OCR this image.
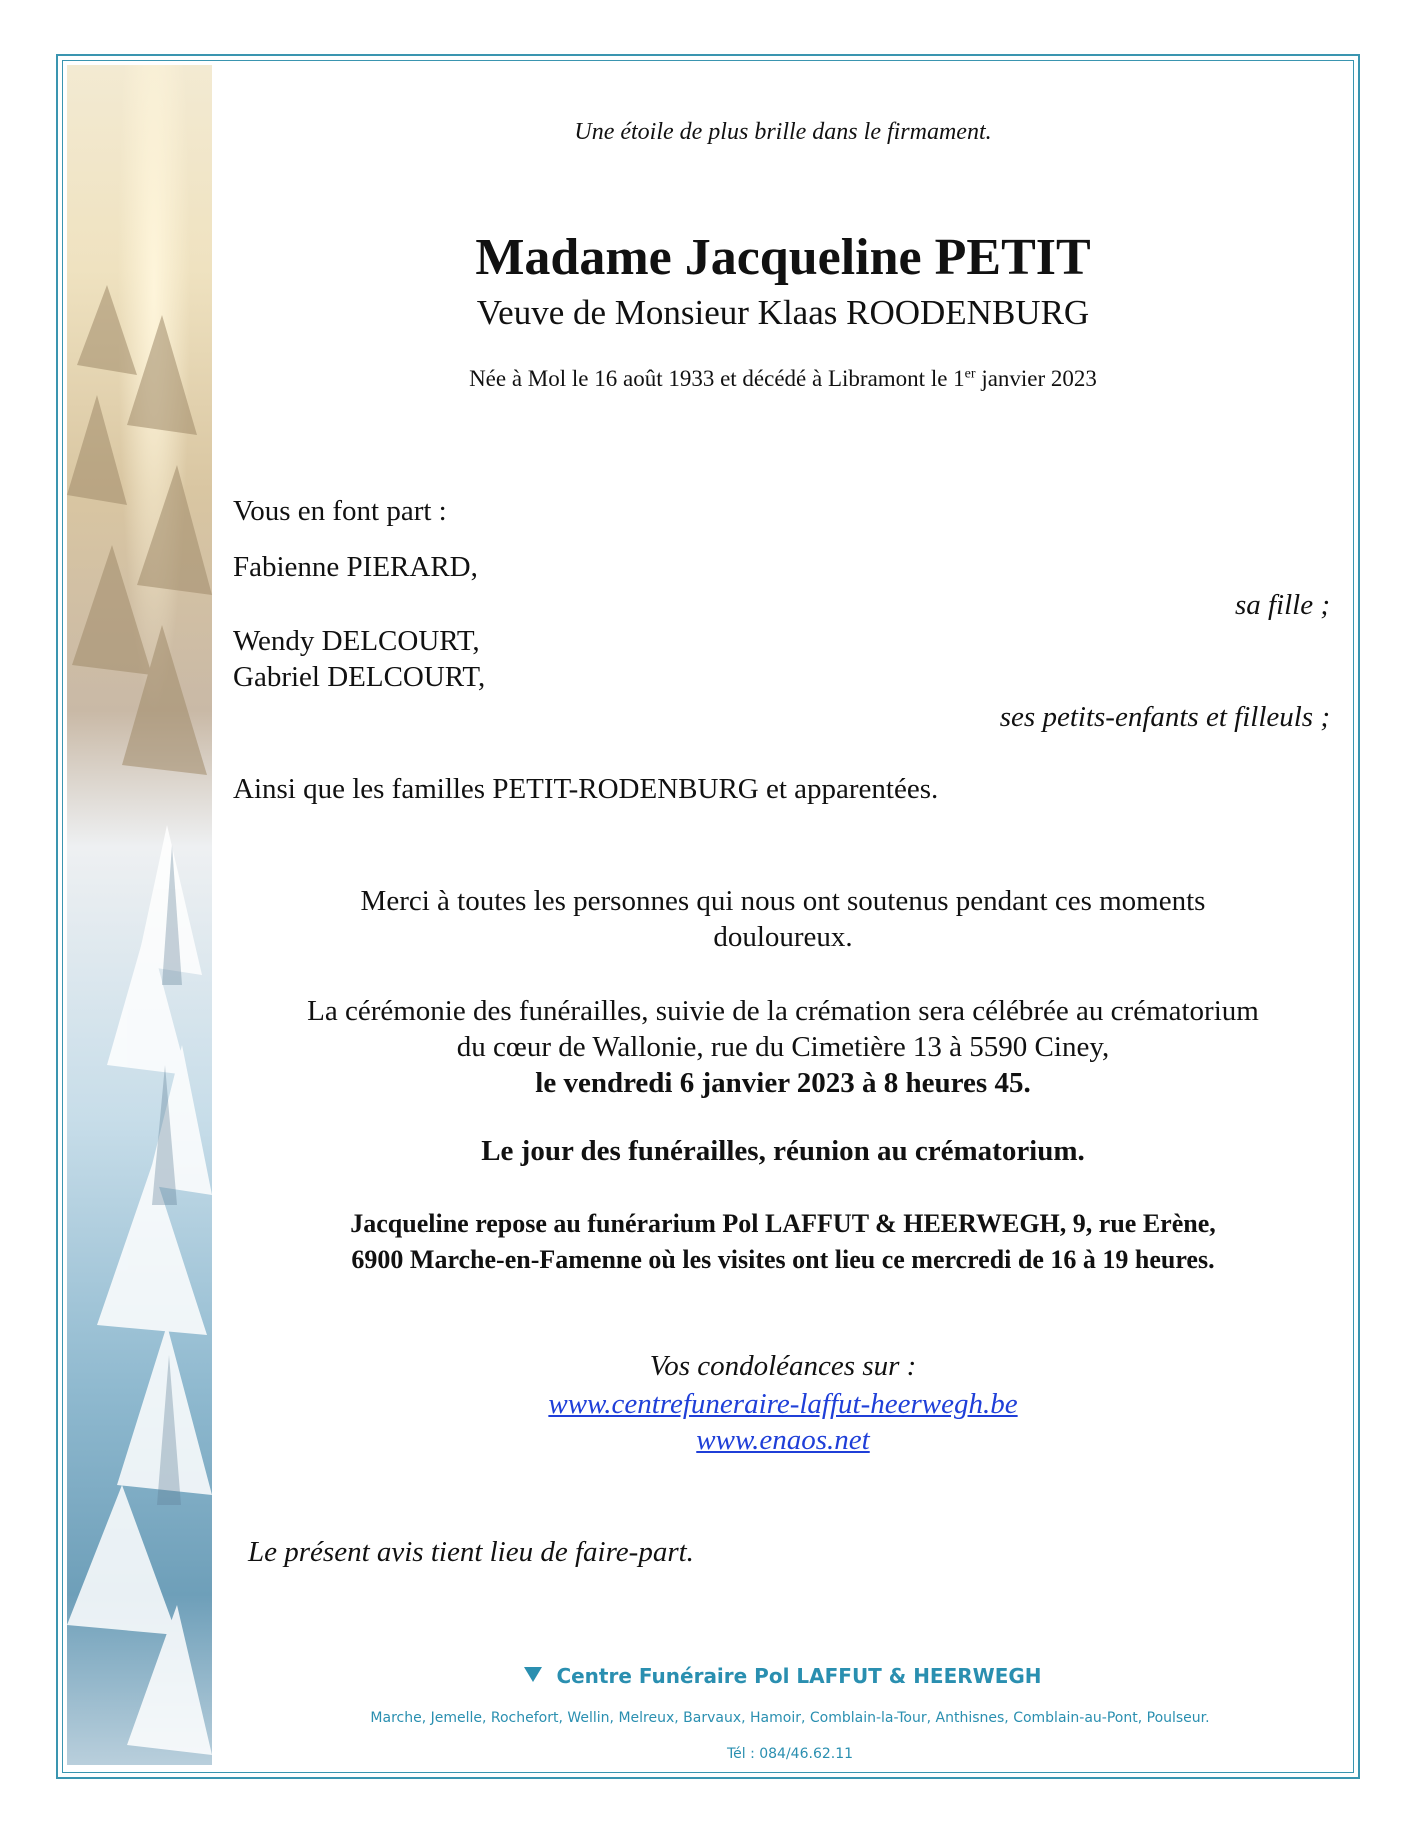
Une étoile de plus brille dans le firmament.

Madame Jacqueline PETIT

Veuve de Monsieur Klaas ROODENBURG

Née à Mol le 16 août 1933 et décédé à Libramont le 1er janvier 2023

Vous en font part :

Fabienne PIERARD,

sa fille ;

Wendy DELCOURT,

Gabriel DELCOURT,

ses petits-enfants et filleuls ;

Ainsi que les familles PETIT-RODENBURG et apparentées.

Merci à toutes les personnes qui nous ont soutenus pendant ces moments

douloureux.

La cérémonie des funérailles, suivie de la crémation sera célébrée au crématorium

du cœur de Wallonie, rue du Cimetière 13 à 5590 Ciney,

le vendredi 6 janvier 2023 à 8 heures 45.

Le jour des funérailles, réunion au crématorium.

Jacqueline repose au funérarium Pol LAFFUT & HEERWEGH, 9, rue Erène,

6900 Marche-en-Famenne où les visites ont lieu ce mercredi de 16 à 19 heures.

Vos condoléances sur :

www.centrefuneraire-laffut-heerwegh.be

www.enaos.net

Le présent avis tient lieu de faire-part.

Centre Funéraire Pol LAFFUT & HEERWEGH

Marche, Jemelle, Rochefort, Wellin, Melreux, Barvaux, Hamoir, Comblain-la-Tour, Anthisnes, Comblain-au-Pont, Poulseur.

Tél : 084/46.62.11
